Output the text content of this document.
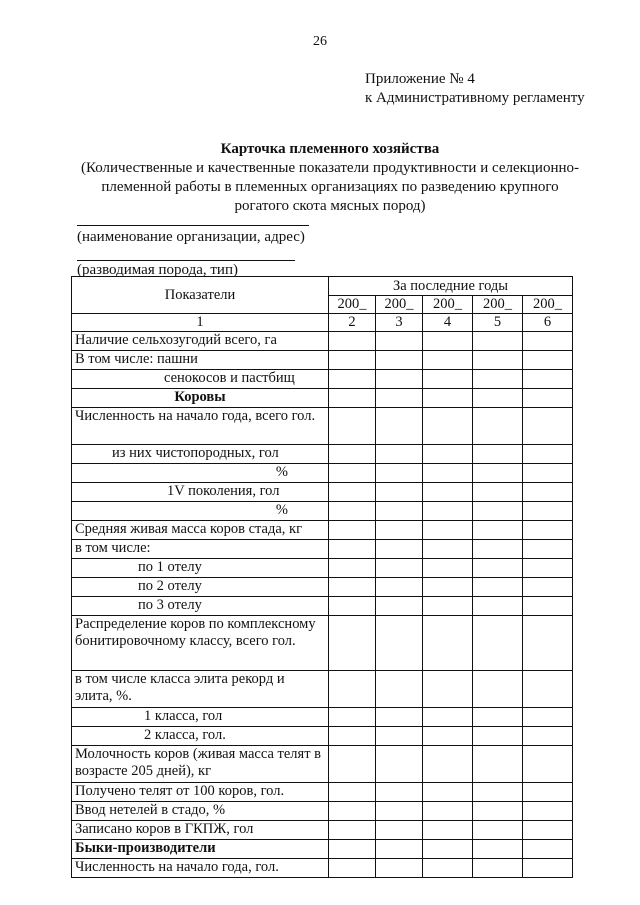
26
Приложение № 4
к Административному регламенту
Карточка племенного хозяйства
(Количественные и качественные показатели продуктивности и селекционно-
племенной работы в племенных организациях по разведению крупного
рогатого скота мясных пород)
(наименование организации, адрес)
(разводимая порода, тип)
Показатели	За последние годы				
	200_	200_	200_	200_	200_
1	2	3	4	5	6
Наличие сельхозугодий всего, га					
В том числе: пашни					
сенокосов и пастбищ					
Коровы					
Численность на начало года, всего гол.					
из них чистопородных, гол					
%					
1V поколения, гол					
%					
Средняя живая масса коров стада, кг					
в том числе:					
по 1 отелу					
по 2 отелу					
по 3 отелу					
Распределение коров по комплексному бонитировочному классу, всего гол.					
в том числе класса элита рекорд и элита, %.					
1 класса, гол					
2 класса, гол.					
Молочность коров (живая масса телят в возрасте 205 дней), кг					
Получено телят от 100 коров, гол.					
Ввод нетелей в стадо, %					
Записано коров в ГКПЖ, гол					
Быки-производители					
Численность на начало года, гол.					
